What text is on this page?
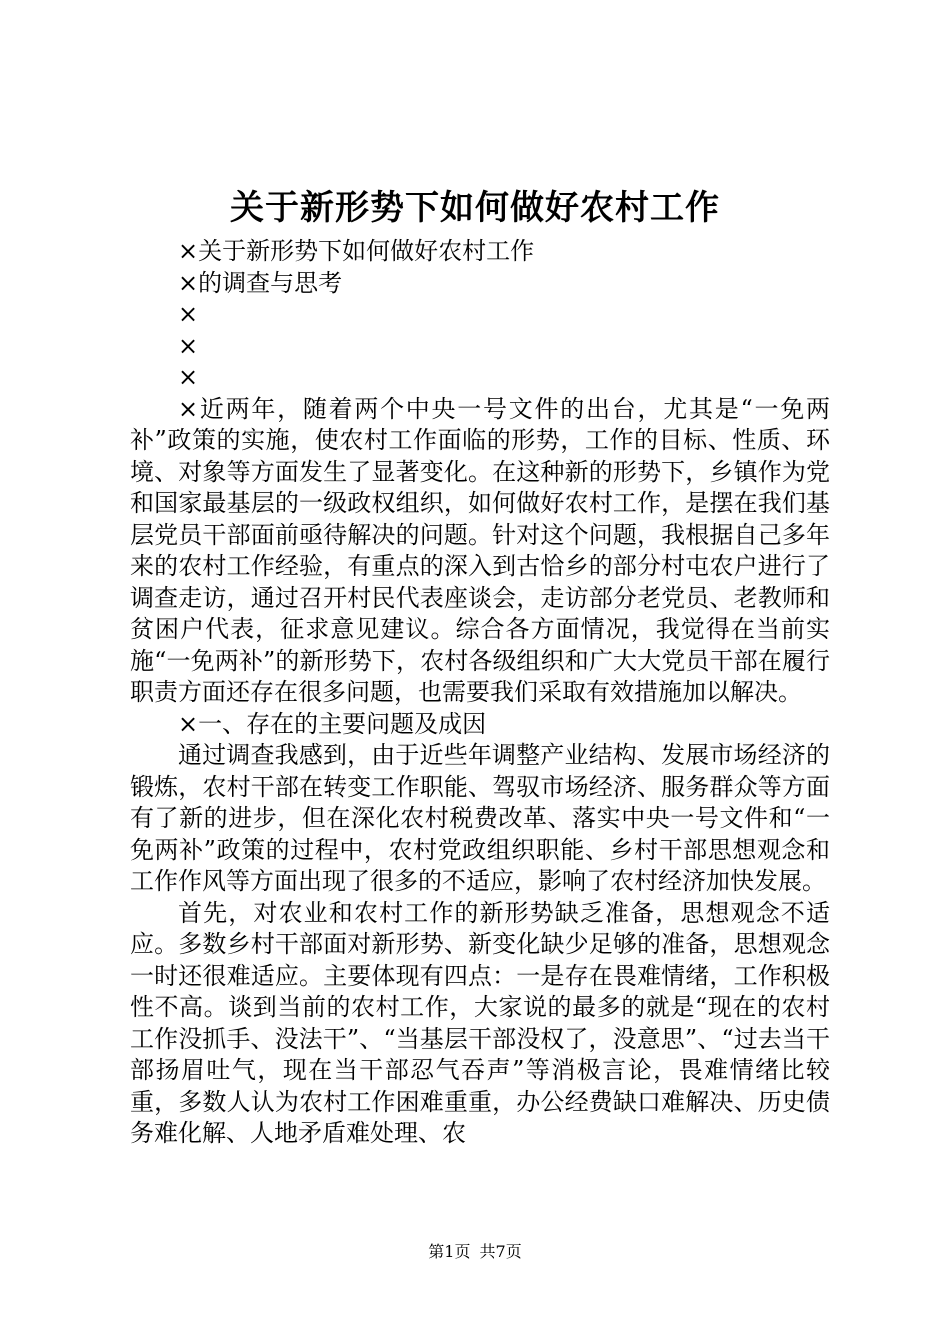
关于新形势下如何做好农村工作

×关于新形势下如何做好农村工作

×的调查与思考

×

×

×

×近两年，随着两个中央一号文件的出台，尤其是“一免两补”政策的实施，使农村工作面临的形势，工作的目标、性质、环境、对象等方面发生了显著变化。在这种新的形势下，乡镇作为党和国家最基层的一级政权组织，如何做好农村工作，是摆在我们基层党员干部面前亟待解决的问题。针对这个问题，我根据自己多年来的农村工作经验，有重点的深入到古恰乡的部分村屯农户进行了调查走访，通过召开村民代表座谈会，走访部分老党员、老教师和贫困户代表，征求意见建议。综合各方面情况，我觉得在当前实施“一免两补”的新形势下，农村各级组织和广大大党员干部在履行职责方面还存在很多问题，也需要我们采取有效措施加以解决。

×一、存在的主要问题及成因

通过调查我感到，由于近些年调整产业结构、发展市场经济的锻炼，农村干部在转变工作职能、驾驭市场经济、服务群众等方面有了新的进步，但在深化农村税费改革、落实中央一号文件和“一免两补”政策的过程中，农村党政组织职能、乡村干部思想观念和工作作风等方面出现了很多的不适应，影响了农村经济加快发展。

首先，对农业和农村工作的新形势缺乏准备，思想观念不适应。多数乡村干部面对新形势、新变化缺少足够的准备，思想观念一时还很难适应。主要体现有四点：一是存在畏难情绪，工作积极性不高。谈到当前的农村工作，大家说的最多的就是“现在的农村工作没抓手、没法干”、“当基层干部没权了，没意思”、“过去当干部扬眉吐气，现在当干部忍气吞声”等消极言论，畏难情绪比较重，多数人认为农村工作困难重重，办公经费缺口难解决、历史债务难化解、人地矛盾难处理、农

第1页 共7页
